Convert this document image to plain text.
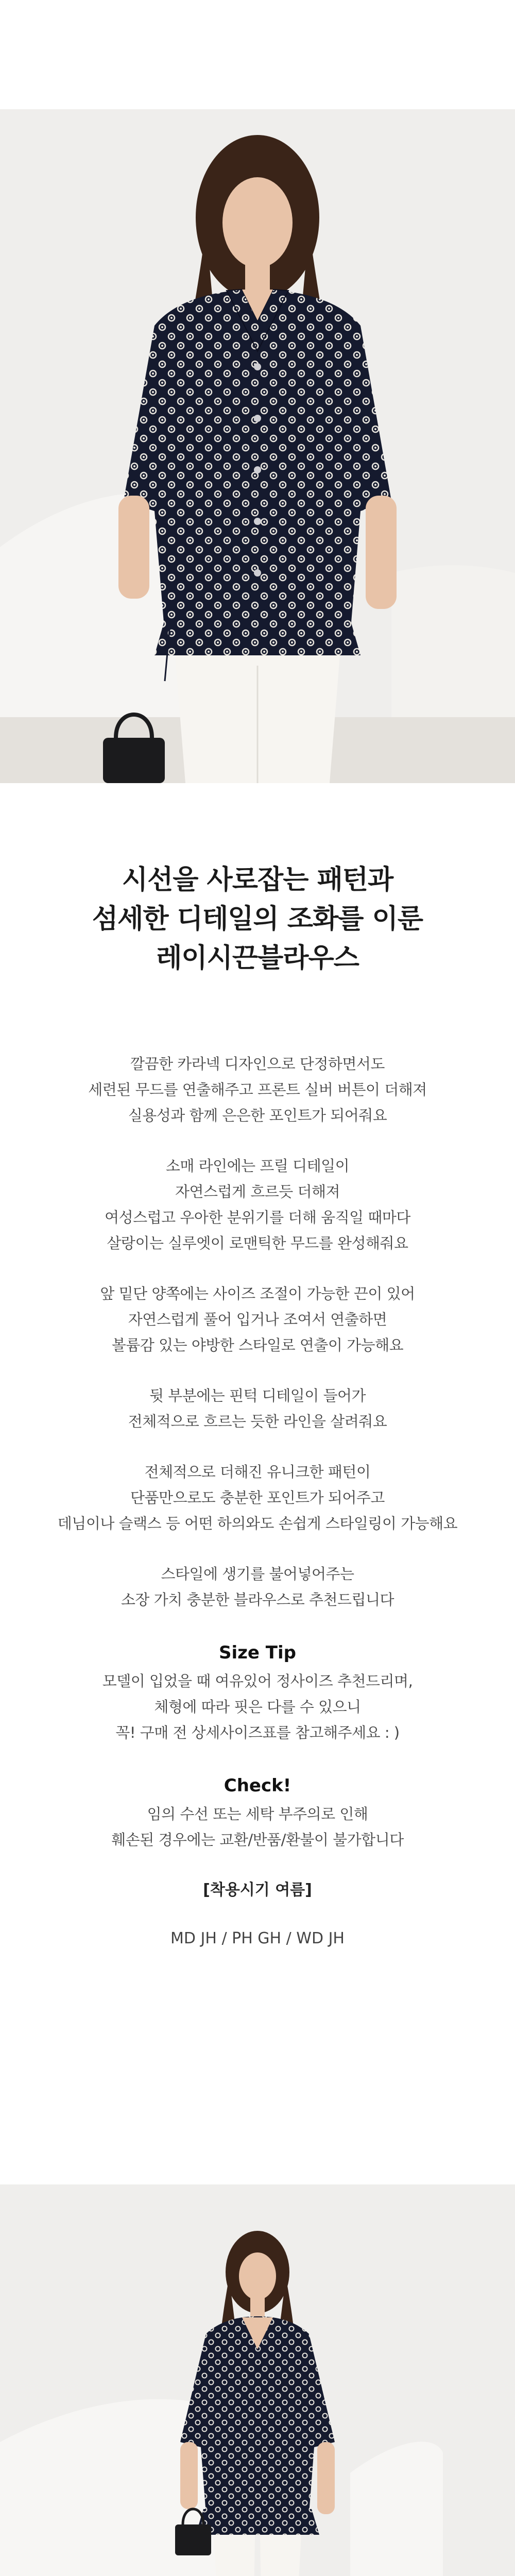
시선을 사로잡는 패턴과
섬세한 디테일의 조화를 이룬
레이시끈블라우스
깔끔한 카라넥 디자인으로 단정하면서도
세련된 무드를 연출해주고 프론트 실버 버튼이 더해져
실용성과 함께 은은한 포인트가 되어줘요
소매 라인에는 프릴 디테일이
자연스럽게 흐르듯 더해져
여성스럽고 우아한 분위기를 더해 움직일 때마다
살랑이는 실루엣이 로맨틱한 무드를 완성해줘요
앞 밑단 양쪽에는 사이즈 조절이 가능한 끈이 있어
자연스럽게 풀어 입거나 조여서 연출하면
볼륨감 있는 야방한 스타일로 연출이 가능해요
뒷 부분에는 핀턱 디테일이 들어가
전체적으로 흐르는 듯한 라인을 살려줘요
전체적으로 더해진 유니크한 패턴이
단품만으로도 충분한 포인트가 되어주고
데님이나 슬랙스 등 어떤 하의와도 손쉽게 스타일링이 가능해요
스타일에 생기를 불어넣어주는
소장 가치 충분한 블라우스로 추천드립니다
Size Tip
모델이 입었을 때 여유있어 정사이즈 추천드리며,
체형에 따라 핏은 다를 수 있으니
꼭! 구매 전 상세사이즈표를 참고해주세요 : )
Check!
임의 수선 또는 세탁 부주의로 인해
훼손된 경우에는 교환/반품/환불이 불가합니다
[착용시기 여름]
MD JH / PH GH / WD JH
